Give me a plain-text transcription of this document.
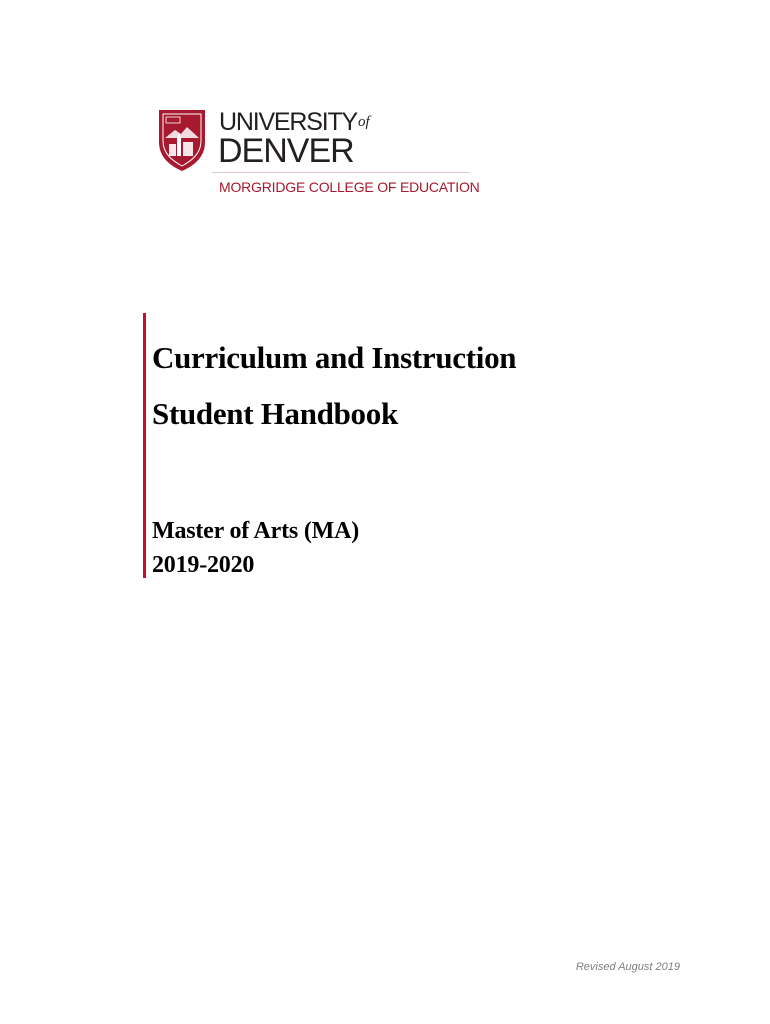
UNIVERSITYof
DENVER
MORGRIDGE COLLEGE OF EDUCATION

Curriculum and Instruction

Student Handbook

Master of Arts (MA)

2019-2020

Revised August 2019
